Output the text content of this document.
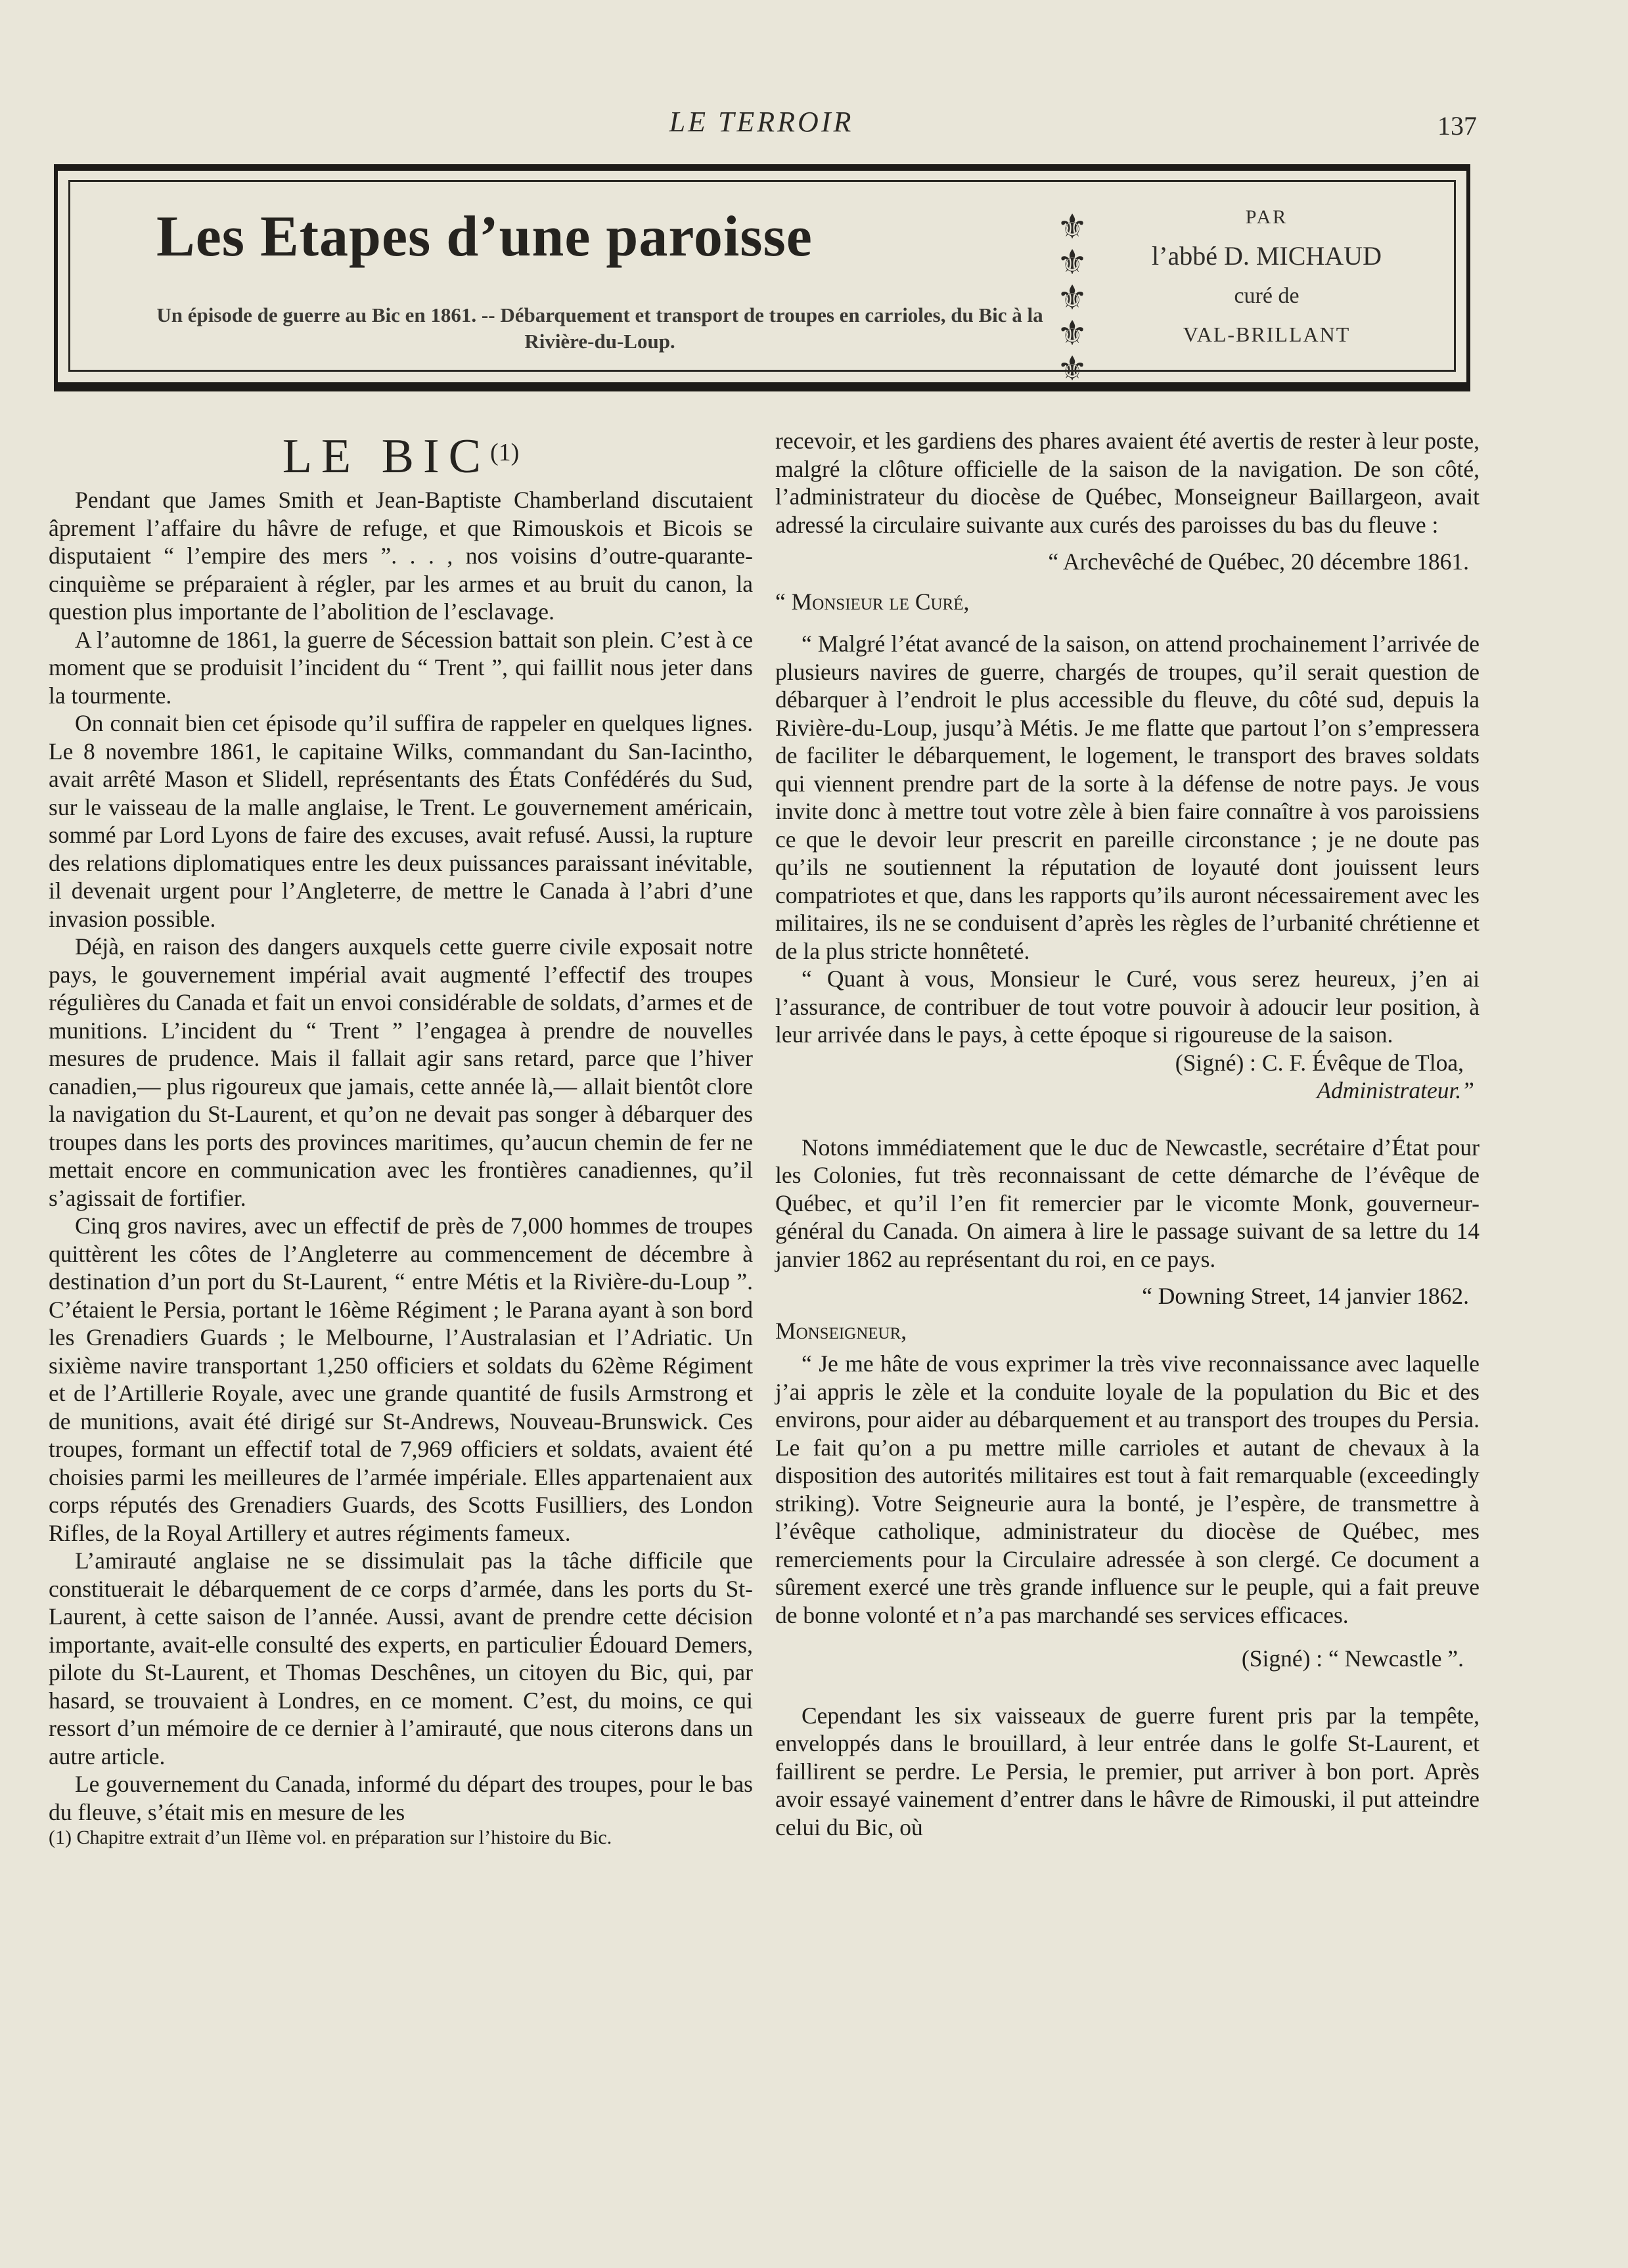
LE TERROIR	137
Les Etapes d’une paroisse
Un épisode de guerre au Bic en 1861. -- Débarquement et transport de troupes en carrioles, du Bic à la Rivière-du-Loup.
⚜
⚜
⚜
⚜
⚜
PAR
l’abbé D. MICHAUD
curé de
VAL-BRILLANT
LE BIC$^{(1)}$

Pendant que James Smith et Jean-Baptiste Chamberland discutaient âprement l’affaire du hâvre de refuge, et que Rimouskois et Bicois se disputaient “ l’empire des mers ”. . . , nos voisins d’outre-quarante-cinquième se préparaient à régler, par les armes et au bruit du canon, la question plus importante de l’abolition de l’esclavage.

A l’automne de 1861, la guerre de Sécession battait son plein. C’est à ce moment que se produisit l’incident du “ Trent ”, qui faillit nous jeter dans la tourmente.

On connait bien cet épisode qu’il suffira de rappeler en quelques lignes. Le 8 novembre 1861, le capitaine Wilks, commandant du San-Iacintho, avait arrêté Mason et Slidell, représentants des États Confédérés du Sud, sur le vaisseau de la malle anglaise, le Trent. Le gouvernement américain, sommé par Lord Lyons de faire des excuses, avait refusé. Aussi, la rupture des relations diplomatiques entre les deux puissances paraissant inévitable, il devenait urgent pour l’Angleterre, de mettre le Canada à l’abri d’une invasion possible.

Déjà, en raison des dangers auxquels cette guerre civile exposait notre pays, le gouvernement impérial avait augmenté l’effectif des troupes régulières du Canada et fait un envoi considérable de soldats, d’armes et de munitions. L’incident du “ Trent ” l’engagea à prendre de nouvelles mesures de prudence. Mais il fallait agir sans retard, parce que l’hiver canadien,— plus rigoureux que jamais, cette année là,— allait bientôt clore la navigation du St-Laurent, et qu’on ne devait pas songer à débarquer des troupes dans les ports des provinces maritimes, qu’aucun chemin de fer ne mettait encore en communication avec les frontières canadiennes, qu’il s’agissait de fortifier.

Cinq gros navires, avec un effectif de près de 7,000 hommes de troupes quittèrent les côtes de l’Angleterre au commencement de décembre à destination d’un port du St-Laurent, “ entre Métis et la Rivière-du-Loup ”. C’étaient le Persia, portant le 16ème Régiment ; le Parana ayant à son bord les Grenadiers Guards ; le Melbourne, l’Australasian et l’Adriatic. Un sixième navire transportant 1,250 officiers et soldats du 62ème Régiment et de l’Artillerie Royale, avec une grande quantité de fusils Armstrong et de munitions, avait été dirigé sur St-Andrews, Nouveau-Brunswick. Ces troupes, formant un effectif total de 7,969 officiers et soldats, avaient été choisies parmi les meilleures de l’armée impériale. Elles appartenaient aux corps réputés des Grenadiers Guards, des Scotts Fusilliers, des London Rifles, de la Royal Artillery et autres régiments fameux.

L’amirauté anglaise ne se dissimulait pas la tâche difficile que constituerait le débarquement de ce corps d’armée, dans les ports du St-Laurent, à cette saison de l’année. Aussi, avant de prendre cette décision importante, avait-elle consulté des experts, en particulier Édouard Demers, pilote du St-Laurent, et Thomas Deschênes, un citoyen du Bic, qui, par hasard, se trouvaient à Londres, en ce moment. C’est, du moins, ce qui ressort d’un mémoire de ce dernier à l’amirauté, que nous citerons dans un autre article.

Le gouvernement du Canada, informé du départ des troupes, pour le bas du fleuve, s’était mis en mesure de les

(1) Chapitre extrait d’un IIème vol. en préparation sur l’histoire du Bic.

recevoir, et les gardiens des phares avaient été avertis de rester à leur poste, malgré la clôture officielle de la saison de la navigation. De son côté, l’administrateur du diocèse de Québec, Monseigneur Baillargeon, avait adressé la circulaire suivante aux curés des paroisses du bas du fleuve :

“ Archevêché de Québec, 20 décembre 1861.

“ Monsieur le Curé,

“ Malgré l’état avancé de la saison, on attend prochainement l’arrivée de plusieurs navires de guerre, chargés de troupes, qu’il serait question de débarquer à l’endroit le plus accessible du fleuve, du côté sud, depuis la Rivière-du-Loup, jusqu’à Métis. Je me flatte que partout l’on s’empressera de faciliter le débarquement, le logement, le transport des braves soldats qui viennent prendre part de la sorte à la défense de notre pays. Je vous invite donc à mettre tout votre zèle à bien faire connaître à vos paroissiens ce que le devoir leur prescrit en pareille circonstance ; je ne doute pas qu’ils ne soutiennent la réputation de loyauté dont jouissent leurs compatriotes et que, dans les rapports qu’ils auront nécessairement avec les militaires, ils ne se conduisent d’après les règles de l’urbanité chrétienne et de la plus stricte honnêteté.

“ Quant à vous, Monsieur le Curé, vous serez heureux, j’en ai l’assurance, de contribuer de tout votre pouvoir à adoucir leur position, à leur arrivée dans le pays, à cette époque si rigoureuse de la saison.

(Signé) : C. F. Évêque de Tloa,

Administrateur.”

Notons immédiatement que le duc de Newcastle, secrétaire d’État pour les Colonies, fut très reconnaissant de cette démarche de l’évêque de Québec, et qu’il l’en fit remercier par le vicomte Monk, gouverneur-général du Canada. On aimera à lire le passage suivant de sa lettre du 14 janvier 1862 au représentant du roi, en ce pays.

“ Downing Street, 14 janvier 1862.

Monseigneur,

“ Je me hâte de vous exprimer la très vive reconnaissance avec laquelle j’ai appris le zèle et la conduite loyale de la population du Bic et des environs, pour aider au débarquement et au transport des troupes du Persia. Le fait qu’on a pu mettre mille carrioles et autant de chevaux à la disposition des autorités militaires est tout à fait remarquable (exceedingly striking). Votre Seigneurie aura la bonté, je l’espère, de transmettre à l’évêque catholique, administrateur du diocèse de Québec, mes remerciements pour la Circulaire adressée à son clergé. Ce document a sûrement exercé une très grande influence sur le peuple, qui a fait preuve de bonne volonté et n’a pas marchandé ses services efficaces.

(Signé) : “ Newcastle ”.

Cependant les six vaisseaux de guerre furent pris par la tempête, enveloppés dans le brouillard, à leur entrée dans le golfe St-Laurent, et faillirent se perdre. Le Persia, le premier, put arriver à bon port. Après avoir essayé vainement d’entrer dans le hâvre de Rimouski, il put atteindre celui du Bic, où
